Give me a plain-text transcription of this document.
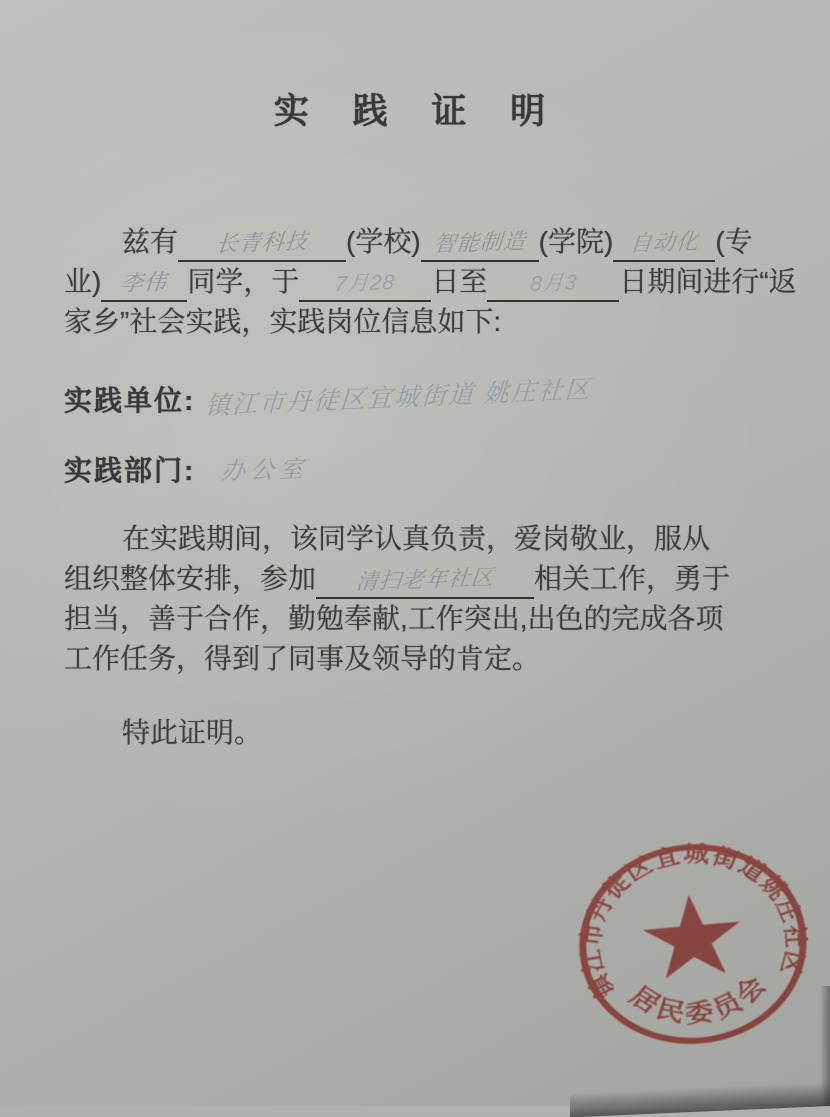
实 践 证 明
兹有 长青科技 (学校) 智能制造 (学院) 自动化 (专
业) 李伟 同学，于 7月28 日至 8月3 日期间进行“返
家乡”社会实践，实践岗位信息如下:
实践单位: 镇江市丹徒区宜城街道 姚庄社区
实践部门: 办公室
在实践期间，该同学认真负责，爱岗敬业，服从
组织整体安排，参加 清扫老年社区 相关工作，勇于
担当，善于合作，勤勉奉献,工作突出,出色的完成各项
工作任务，得到了同事及领导的肯定。
特此证明。
镇江市丹徒区宜城街道姚庄社区
居民委员会
